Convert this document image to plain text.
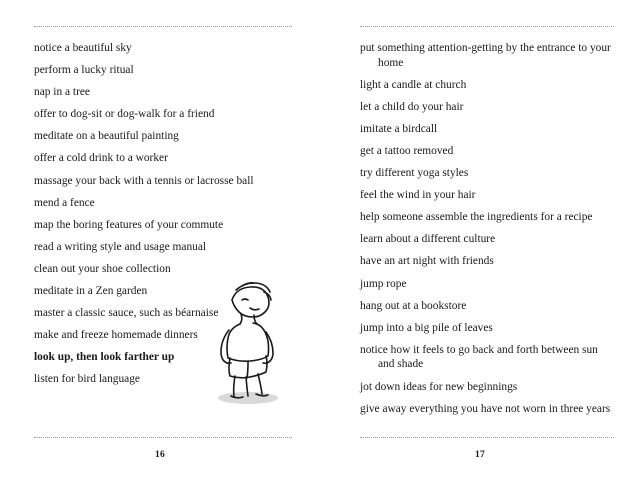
notice a beautiful sky
perform a lucky ritual
nap in a tree
offer to dog-sit or dog-walk for a friend
meditate on a beautiful painting
offer a cold drink to a worker
massage your back with a tennis or lacrosse ball
mend a fence
map the boring features of your commute
read a writing style and usage manual
clean out your shoe collection
meditate in a Zen garden
master a classic sauce, such as béarnaise
make and freeze homemade dinners
look up, then look farther up
listen for bird language
16
put something attention-getting by the entrance to your home
light a candle at church
let a child do your hair
imitate a birdcall
get a tattoo removed
try different yoga styles
feel the wind in your hair
help someone assemble the ingredients for a recipe
learn about a different culture
have an art night with friends
jump rope
hang out at a bookstore
jump into a big pile of leaves
notice how it feels to go back and forth between sun and shade
jot down ideas for new beginnings
give away everything you have not worn in three years
17
